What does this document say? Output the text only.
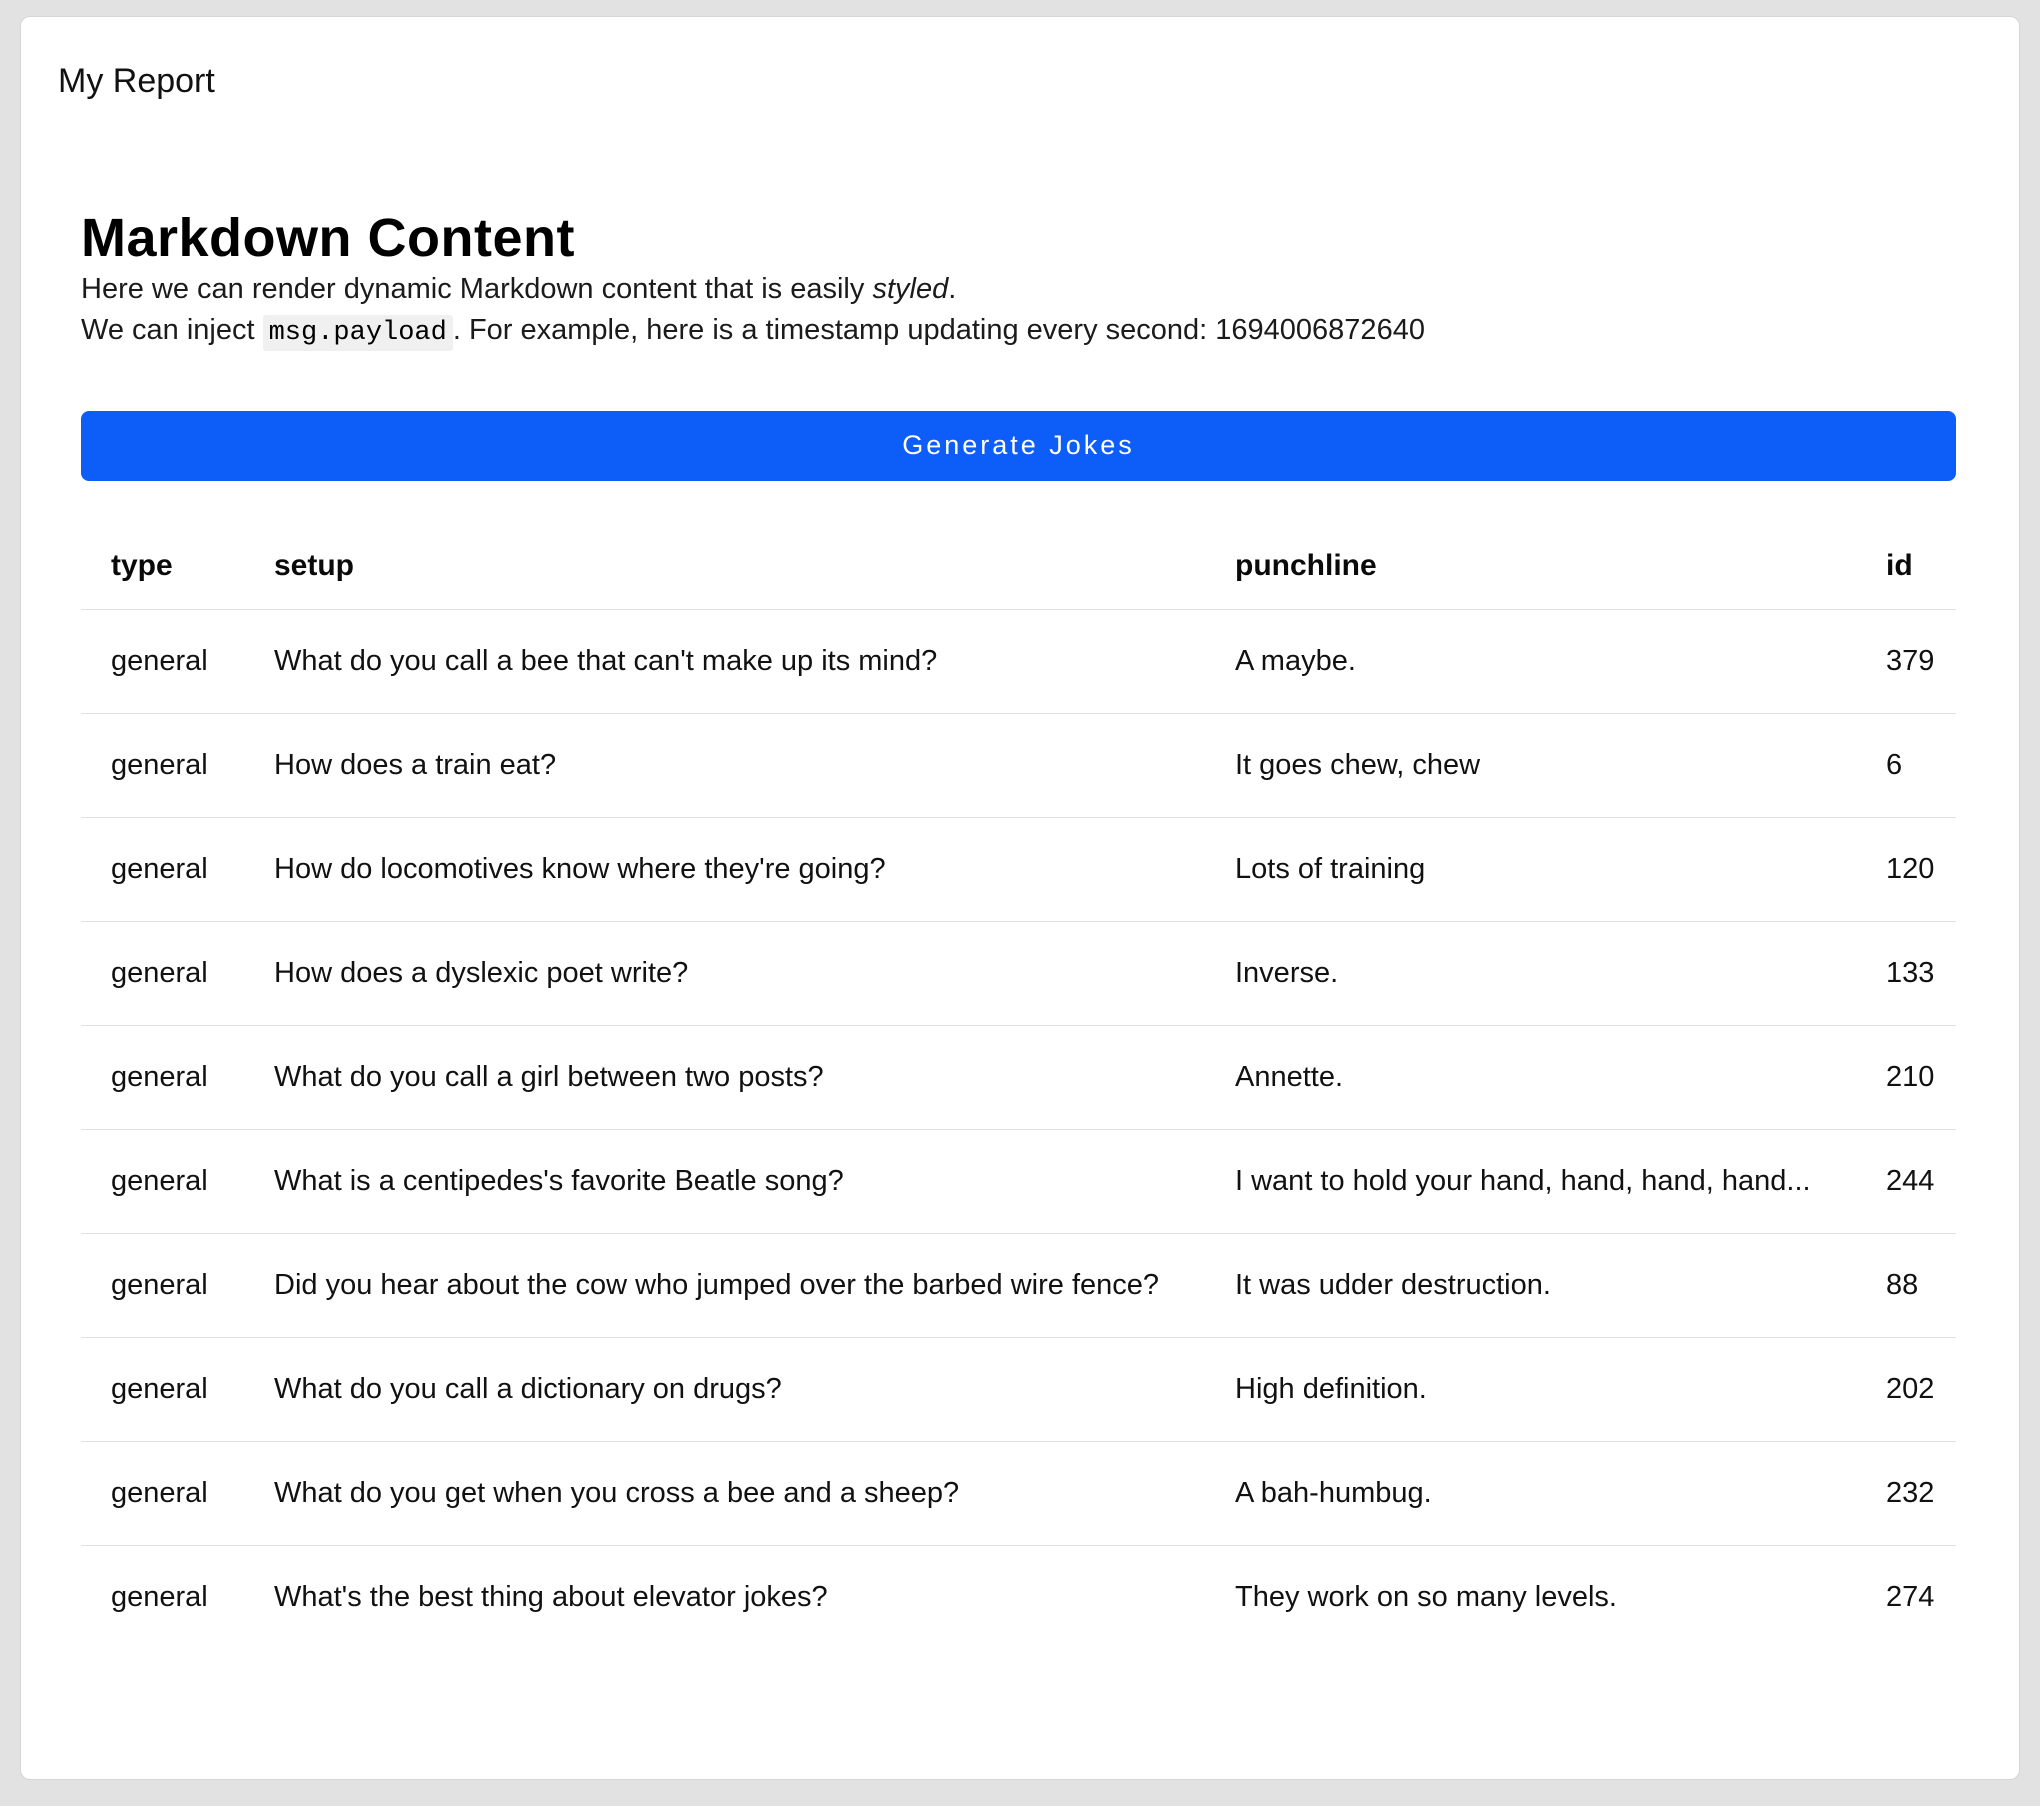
My Report
Markdown Content

Here we can render dynamic Markdown content that is easily styled.

We can inject msg.payload . For example, here is a timestamp updating every second: 1694006872640

Generate Jokes
type	setup	punchline	id
general	What do you call a bee that can't make up its mind?	A maybe.	379
general	How does a train eat?	It goes chew, chew	6
general	How do locomotives know where they're going?	Lots of training	120
general	How does a dyslexic poet write?	Inverse.	133
general	What do you call a girl between two posts?	Annette.	210
general	What is a centipedes's favorite Beatle song?	I want to hold your hand, hand, hand, hand...	244
general	Did you hear about the cow who jumped over the barbed wire fence?	It was udder destruction.	88
general	What do you call a dictionary on drugs?	High definition.	202
general	What do you get when you cross a bee and a sheep?	A bah-humbug.	232
general	What's the best thing about elevator jokes?	They work on so many levels.	274
